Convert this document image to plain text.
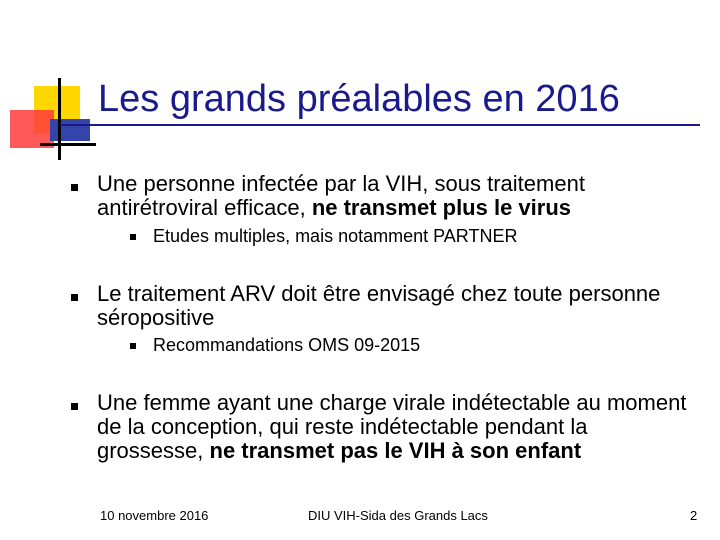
Les grands préalables en 2016
Une personne infectée par la VIH, sous traitement antirétroviral efficace, ne transmet plus le virus
Etudes multiples, mais notamment PARTNER
Le traitement ARV doit être envisagé chez toute personne séropositive
Recommandations OMS 09-2015
Une femme ayant une charge virale indétectable au moment de la conception, qui reste indétectable pendant la grossesse, ne transmet pas le VIH à son enfant
10 novembre 2016	DIU VIH-Sida des Grands Lacs	2
